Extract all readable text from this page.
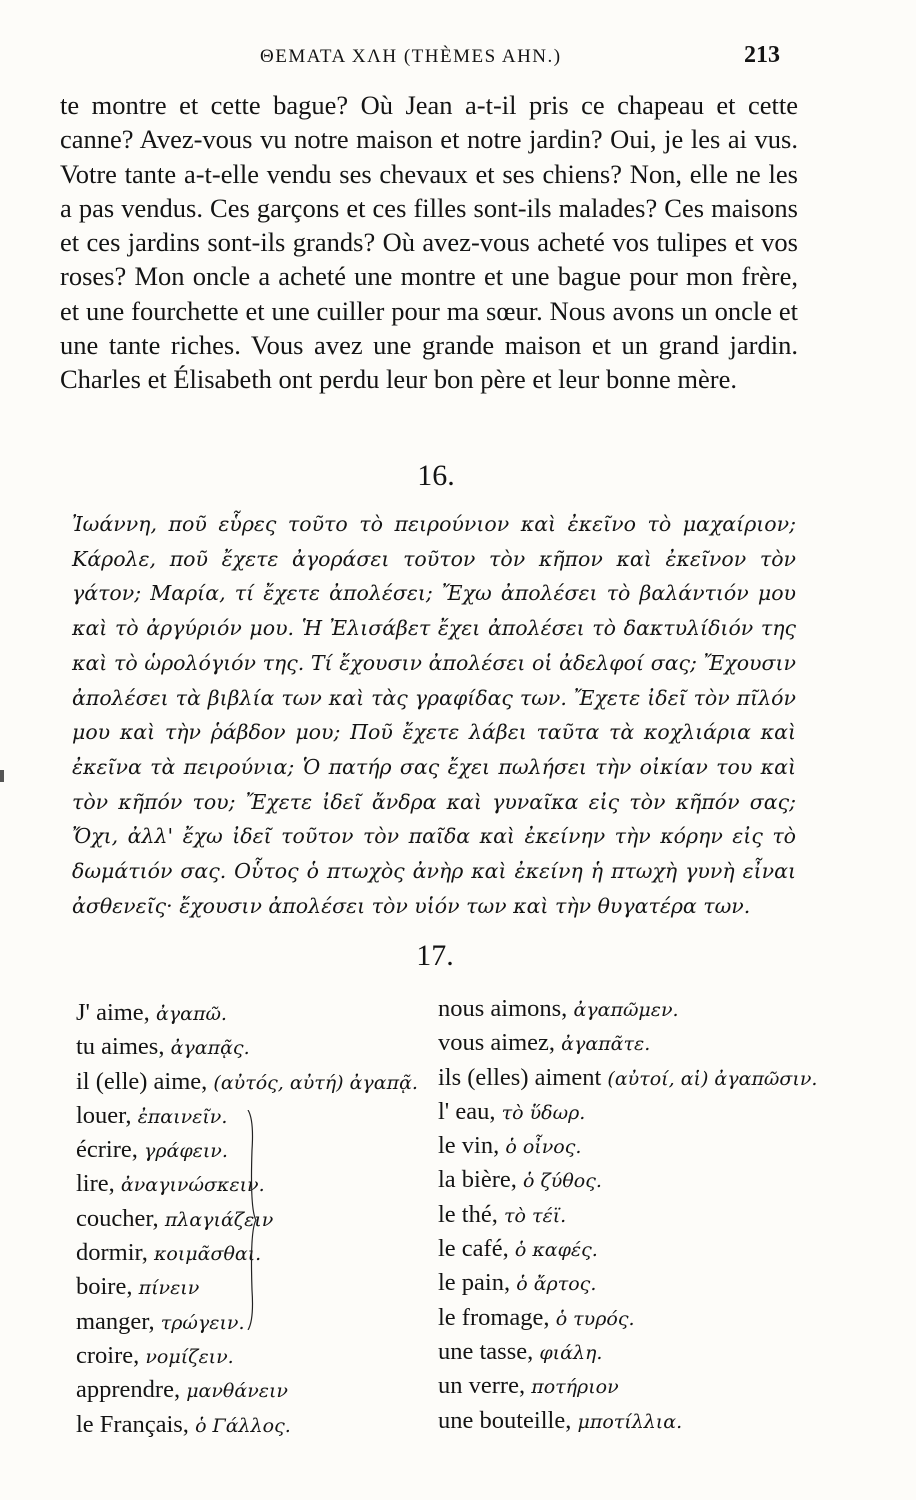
ΘΕΜΑΤΑ XΛΗ (THÈMES AHN.)	213

te montre et cette bague? Où Jean a-t-il pris ce chapeau et cette canne? Avez-vous vu notre maison et notre jardin? Oui, je les ai vus. Votre tante a-t-elle vendu ses chevaux et ses chiens? Non, elle ne les a pas vendus. Ces garçons et ces filles sont-ils malades? Ces maisons et ces jardins sont-ils grands? Où avez-vous acheté vos tulipes et vos roses? Mon oncle a acheté une montre et une bague pour mon frère, et une fourchette et une cuiller pour ma sœur. Nous avons un oncle et une tante riches. Vous avez une grande maison et un grand jardin. Charles et Élisabeth ont perdu leur bon père et leur bonne mère.

16.

Ἰωάννη, ποῦ εὗρες τοῦτο τὸ πειρούνιον καὶ ἐκεῖνο τὸ μαχαίριον; Κάρολε, ποῦ ἔχετε ἀγοράσει τοῦτον τὸν κῆπον καὶ ἐκεῖνον τὸν γάτον; Μαρία, τί ἔχετε ἀπολέσει; Ἔχω ἀπολέσει τὸ βαλάντιόν μου καὶ τὸ ἀργύριόν μου. Ἡ Ἐλισάβετ ἔχει ἀπολέσει τὸ δακτυλίδιόν της καὶ τὸ ὡρολόγιόν της. Τί ἔχουσιν ἀπολέσει οἱ ἀδελφοί σας; Ἔχουσιν ἀπολέσει τὰ βιβλία των καὶ τὰς γραφίδας των. Ἔχετε ἰδεῖ τὸν πῖλόν μου καὶ τὴν ῥάβδον μου; Ποῦ ἔχετε λάβει ταῦτα τὰ κοχλιάρια καὶ ἐκεῖνα τὰ πειρούνια; Ὁ πατήρ σας ἔχει πωλήσει τὴν οἰκίαν του καὶ τὸν κῆπόν του; Ἔχετε ἰδεῖ ἄνδρα καὶ γυναῖκα εἰς τὸν κῆπόν σας; Ὄχι, ἀλλ' ἔχω ἰδεῖ τοῦτον τὸν παῖδα καὶ ἐκείνην τὴν κόρην εἰς τὸ δωμάτιόν σας. Οὗτος ὁ πτωχὸς ἀνὴρ καὶ ἐκείνη ἡ πτωχὴ γυνὴ εἶναι ἀσθενεῖς· ἔχουσιν ἀπολέσει τὸν υἱόν των καὶ τὴν θυγατέρα των.

17.
J' aime, ἀγαπῶ.
tu aimes, ἀγαπᾷς.
il (elle) aime, (αὐτός, αὐτή) ἀγαπᾷ.
louer, ἐπαινεῖν.
écrire, γράφειν.
lire, ἀναγινώσκειν.
coucher, πλαγιάζειν
dormir, κοιμᾶσθαι.
boire, πίνειν
manger, τρώγειν.
croire, νομίζειν.
apprendre, μανθάνειν
le Français, ὁ Γάλλος.
nous aimons, ἀγαπῶμεν.
vous aimez, ἀγαπᾶτε.
ils (elles) aiment (αὐτοί, αἱ) ἀγαπῶσιν.
l' eau, τὸ ὕδωρ.
le vin, ὁ οἶνος.
la bière, ὁ ζύθος.
le thé, τὸ τέϊ.
le café, ὁ καφές.
le pain, ὁ ἄρτος.
le fromage, ὁ τυρός.
une tasse, φιάλη.
un verre, ποτήριον
une bouteille, μποτίλλια.
